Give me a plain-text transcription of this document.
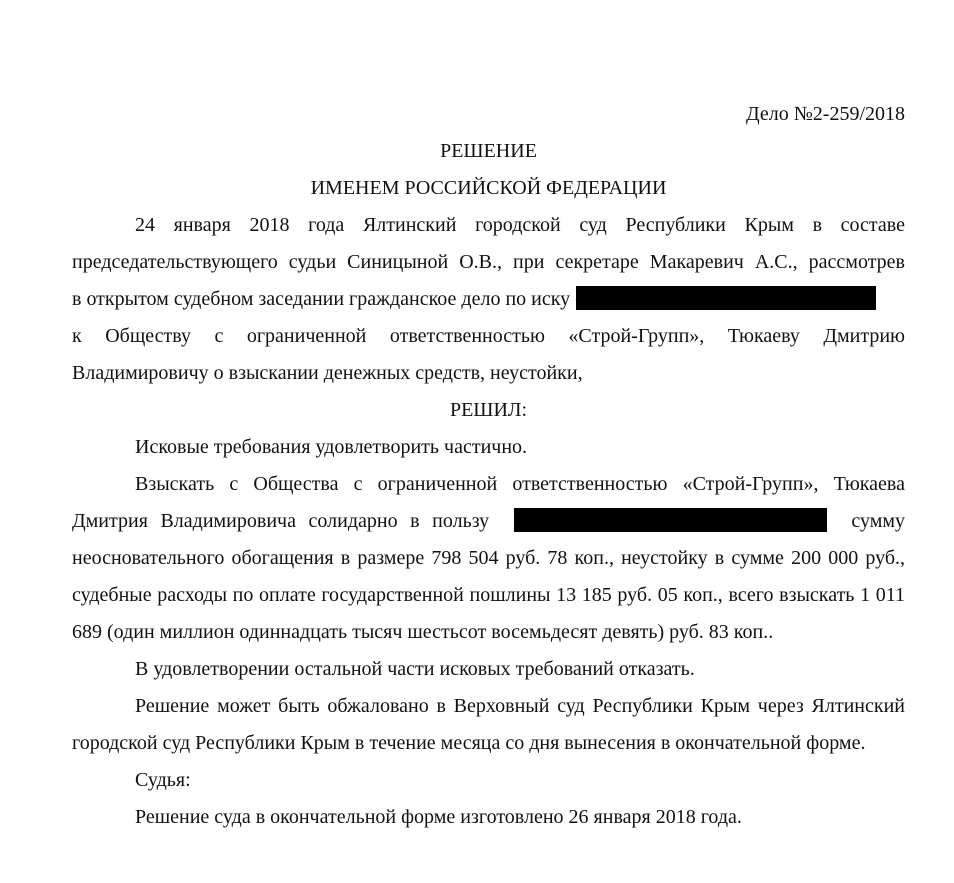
Дело №2-259/2018
РЕШЕНИЕ
ИМЕНЕМ РОССИЙСКОЙ ФЕДЕРАЦИИ
24 января 2018 года Ялтинский городской суд Республики Крым в составе
председательствующего судьи Синицыной О.В., при секретаре Макаревич А.С., рассмотрев
в открытом судебном заседании гражданское дело по иску
к Обществу с ограниченной ответственностью «Строй-Групп», Тюкаеву Дмитрию
Владимировичу о взыскании денежных средств, неустойки,
РЕШИЛ:

Исковые требования удовлетворить частично.

Взыскать с Общества с ограниченной ответственностью «Строй-Групп», Тюкаева
Дмитрия Владимировича солидарно в пользу	сумму

неосновательного обогащения в размере 798 504 руб. 78 коп., неустойку в сумме 200 000 руб., судебные расходы по оплате государственной пошлины 13 185 руб. 05 коп., всего взыскать 1 011 689 (один миллион одиннадцать тысяч шестьсот восемьдесят девять) руб. 83 коп..

В удовлетворении остальной части исковых требований отказать.

Решение может быть обжаловано в Верховный суд Республики Крым через Ялтинский городской суд Республики Крым в течение месяца со дня вынесения в окончательной форме.

Судья:

Решение суда в окончательной форме изготовлено 26 января 2018 года.
